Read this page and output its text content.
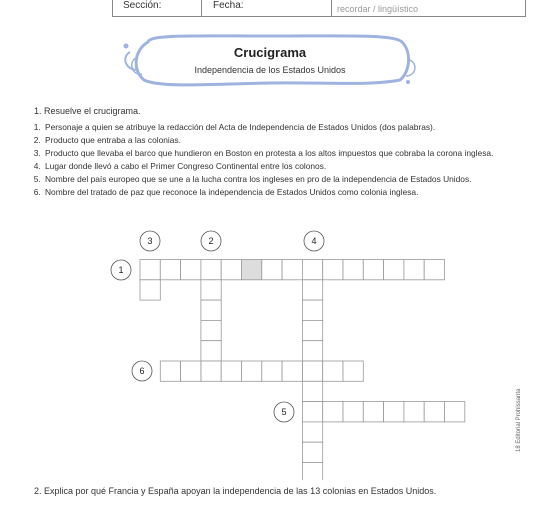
Sección:	Fecha:	recordar / lingüístico
Crucigrama
Independencia de los Estados Unidos
1. Resuelve el crucigrama.
1. Personaje a quien se atribuye la redacción del Acta de Independencia de Estados Unidos (dos palabras).
2. Producto que entraba a las colonias.
3. Producto que llevaba el barco que hundieron en Boston en protesta a los altos impuestos que cobraba la corona inglesa.
4. Lugar donde llevó a cabo el Primer Congreso Continental entre los colonos.
5. Nombre del país europeo que se une a la lucha contra los ingleses en pro de la independencia de Estados Unidos.
6. Nombre del tratado de paz que reconoce la independencia de Estados Unidos como colonia inglesa.
3	2	4
1
6
5
2. Explica por qué Francia y España apoyan la independencia de las 13 colonias en Estados Unidos.
18 Editorial Prohissanta
